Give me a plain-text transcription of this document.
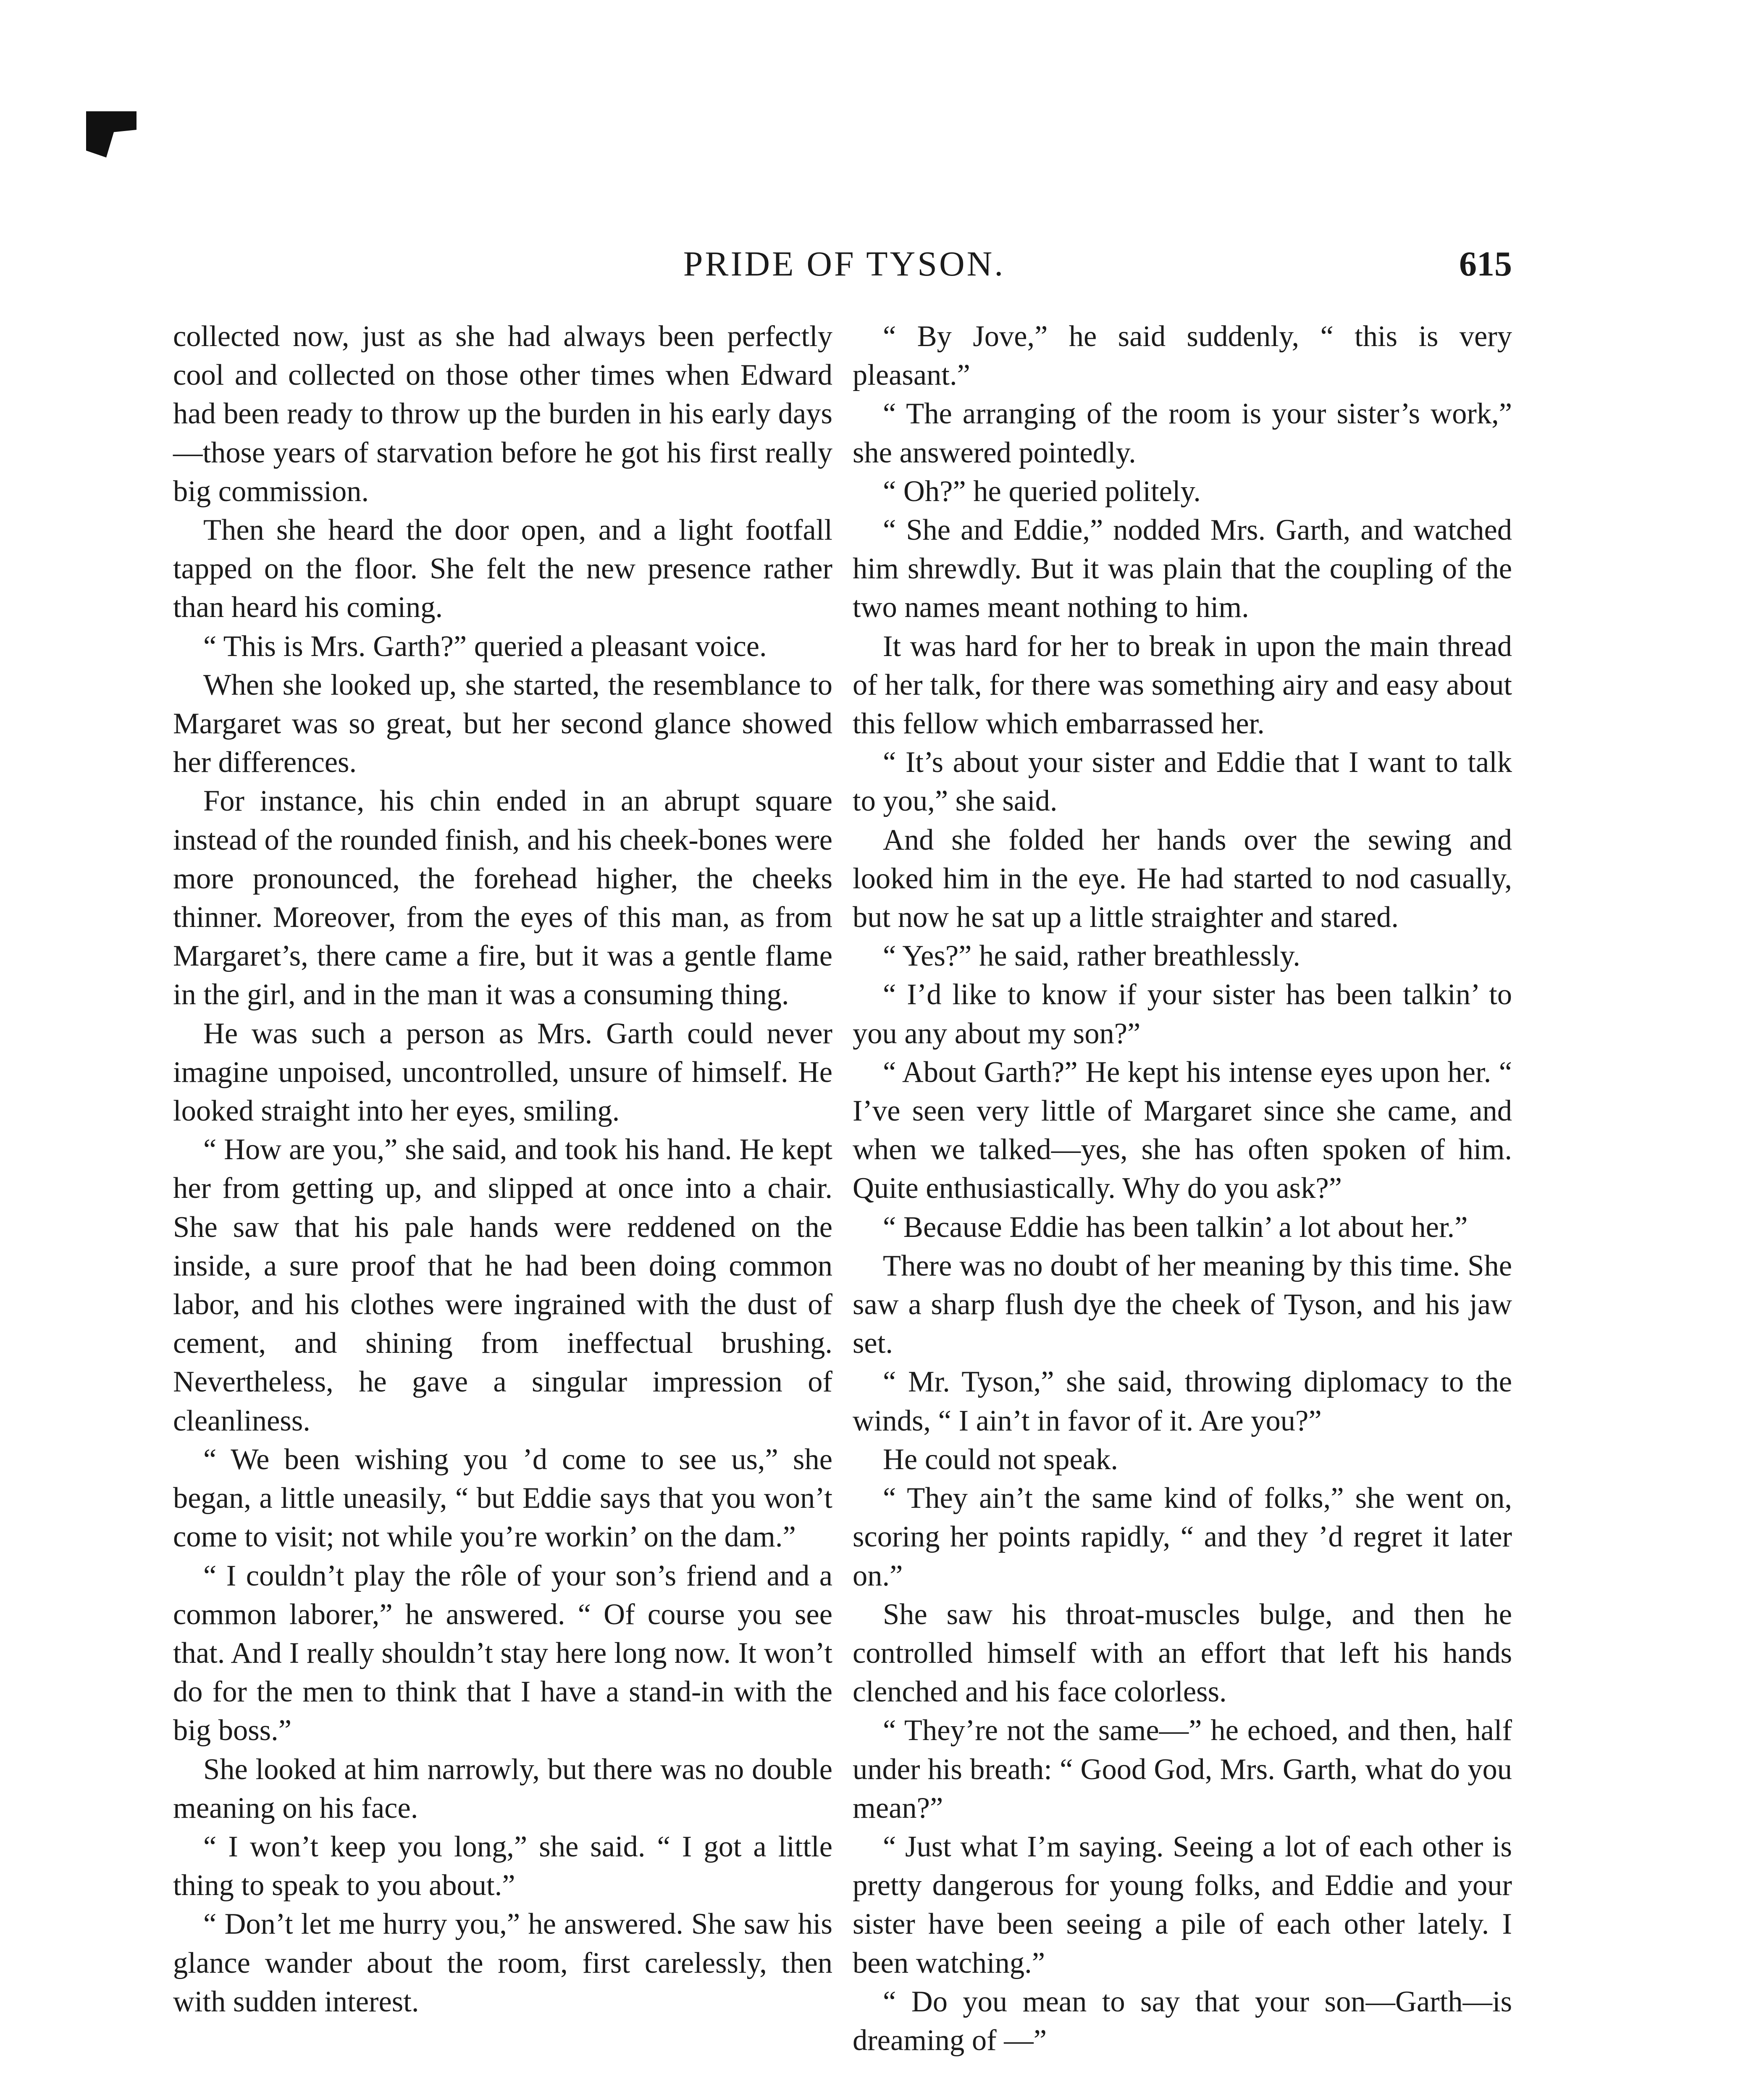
PRIDE OF TYSON.	615

collected now, just as she had always been perfectly cool and collected on those other times when Edward had been ready to throw up the burden in his early days—those years of starvation before he got his first really big commission.

Then she heard the door open, and a light footfall tapped on the floor. She felt the new presence rather than heard his coming.

“ This is Mrs. Garth?” queried a pleasant voice.

When she looked up, she started, the resemblance to Margaret was so great, but her second glance showed her differences.

For instance, his chin ended in an abrupt square instead of the rounded finish, and his cheek-bones were more pronounced, the forehead higher, the cheeks thinner. Moreover, from the eyes of this man, as from Margaret’s, there came a fire, but it was a gentle flame in the girl, and in the man it was a consuming thing.

He was such a person as Mrs. Garth could never imagine unpoised, uncontrolled, unsure of himself. He looked straight into her eyes, smiling.

“ How are you,” she said, and took his hand. He kept her from getting up, and slipped at once into a chair. She saw that his pale hands were reddened on the inside, a sure proof that he had been doing common labor, and his clothes were ingrained with the dust of cement, and shining from ineffectual brushing. Nevertheless, he gave a singular impression of cleanliness.

“ We been wishing you ’d come to see us,” she began, a little uneasily, “ but Eddie says that you won’t come to visit; not while you’re workin’ on the dam.”

“ I couldn’t play the rôle of your son’s friend and a common laborer,” he answered. “ Of course you see that. And I really shouldn’t stay here long now. It won’t do for the men to think that I have a stand-in with the big boss.”

She looked at him narrowly, but there was no double meaning on his face.

“ I won’t keep you long,” she said. “ I got a little thing to speak to you about.”

“ Don’t let me hurry you,” he answered. She saw his glance wander about the room, first carelessly, then with sudden interest.

“ By Jove,” he said suddenly, “ this is very pleasant.”

“ The arranging of the room is your sister’s work,” she answered pointedly.

“ Oh?” he queried politely.

“ She and Eddie,” nodded Mrs. Garth, and watched him shrewdly. But it was plain that the coupling of the two names meant nothing to him.

It was hard for her to break in upon the main thread of her talk, for there was something airy and easy about this fellow which embarrassed her.

“ It’s about your sister and Eddie that I want to talk to you,” she said.

And she folded her hands over the sewing and looked him in the eye. He had started to nod casually, but now he sat up a little straighter and stared.

“ Yes?” he said, rather breathlessly.

“ I’d like to know if your sister has been talkin’ to you any about my son?”

“ About Garth?” He kept his intense eyes upon her. “ I’ve seen very little of Margaret since she came, and when we talked—yes, she has often spoken of him. Quite enthusiastically. Why do you ask?”

“ Because Eddie has been talkin’ a lot about her.”

There was no doubt of her meaning by this time. She saw a sharp flush dye the cheek of Tyson, and his jaw set.

“ Mr. Tyson,” she said, throwing diplomacy to the winds, “ I ain’t in favor of it. Are you?”

He could not speak.

“ They ain’t the same kind of folks,” she went on, scoring her points rapidly, “ and they ’d regret it later on.”

She saw his throat-muscles bulge, and then he controlled himself with an effort that left his hands clenched and his face colorless.

“ They’re not the same—” he echoed, and then, half under his breath: “ Good God, Mrs. Garth, what do you mean?”

“ Just what I’m saying. Seeing a lot of each other is pretty dangerous for young folks, and Eddie and your sister have been seeing a pile of each other lately. I been watching.”

“ Do you mean to say that your son—Garth—is dreaming of —”
